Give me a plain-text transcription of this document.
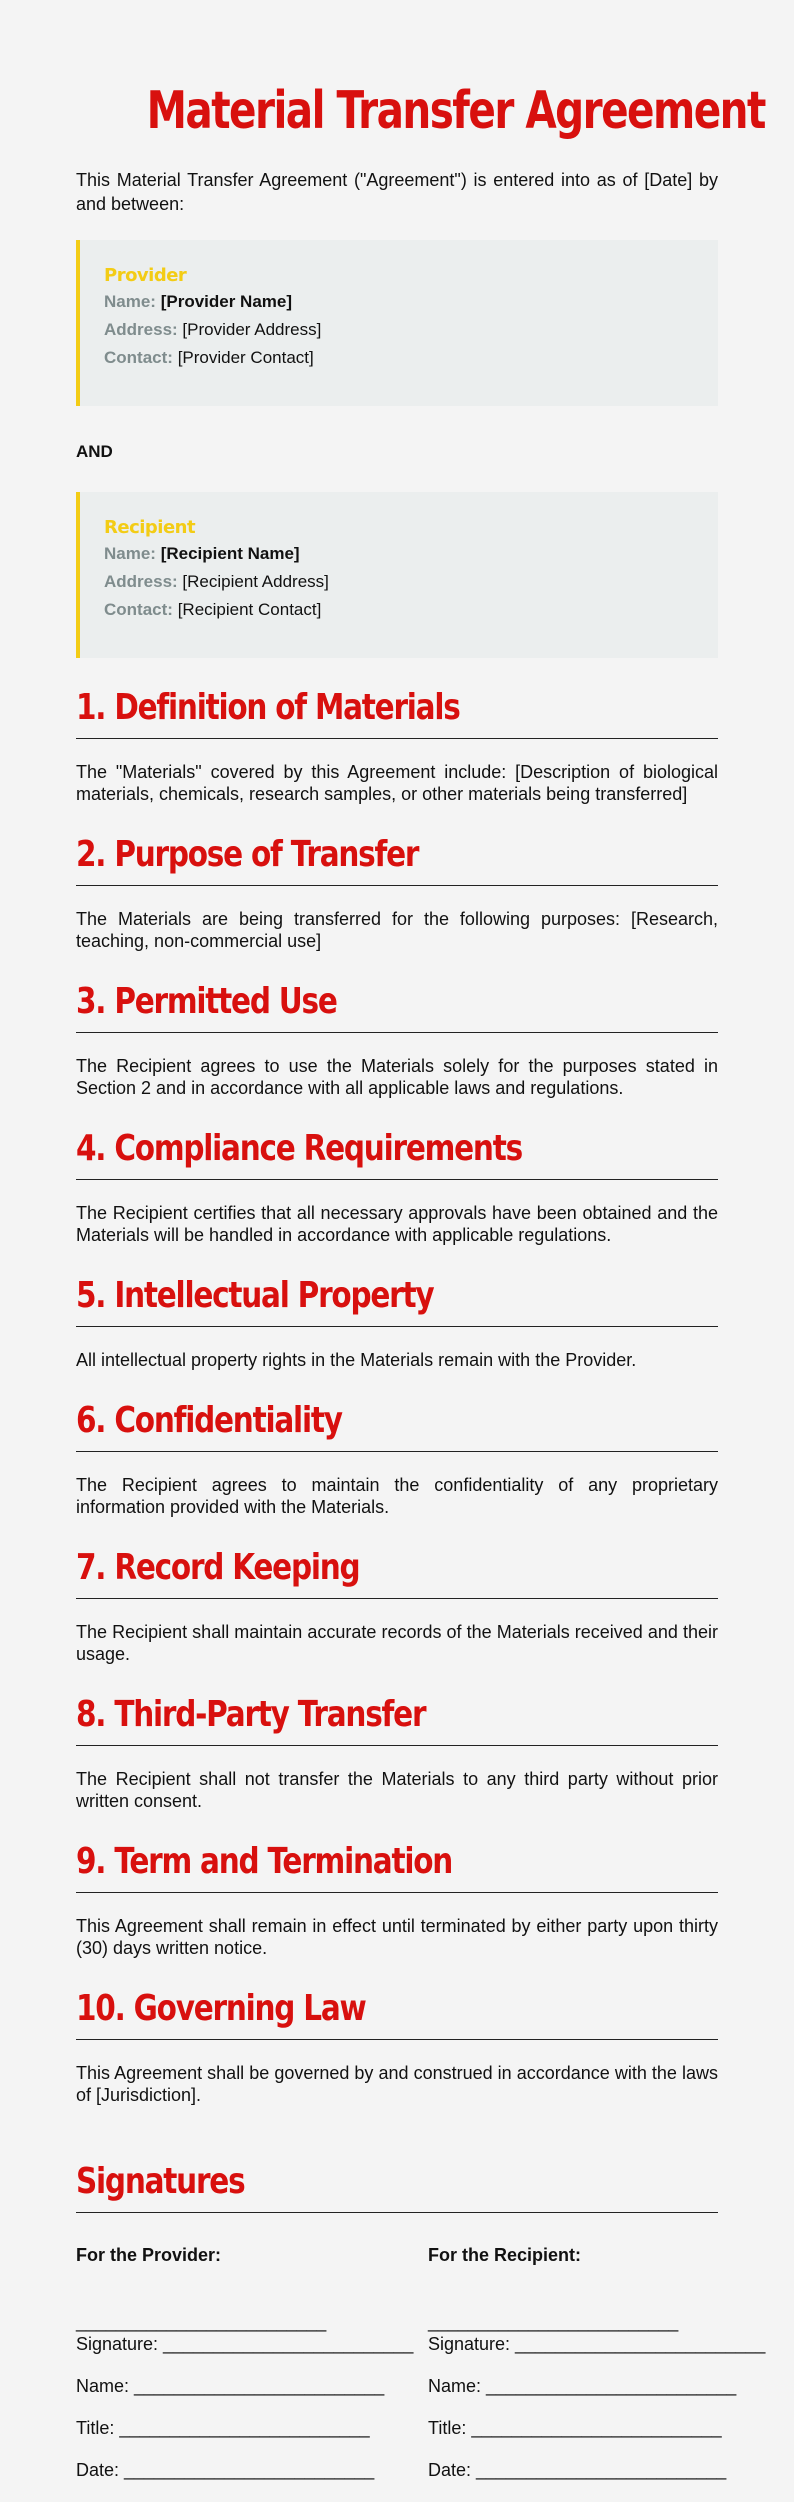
Material Transfer Agreement

This Material Transfer Agreement ("Agreement") is entered into as of [Date] by and between:

Provider
Name: [Provider Name]
Address: [Provider Address]
Contact: [Provider Contact]
AND
Recipient
Name: [Recipient Name]
Address: [Recipient Address]
Contact: [Recipient Contact]
1. Definition of Materials

The "Materials" covered by this Agreement include: [Description of biological materials, chemicals, research samples, or other materials being transferred]

2. Purpose of Transfer

The Materials are being transferred for the following purposes: [Research, teaching, non-commercial use]

3. Permitted Use

The Recipient agrees to use the Materials solely for the purposes stated in Section 2 and in accordance with all applicable laws and regulations.

4. Compliance Requirements

The Recipient certifies that all necessary approvals have been obtained and the Materials will be handled in accordance with applicable regulations.

5. Intellectual Property

All intellectual property rights in the Materials remain with the Provider.

6. Confidentiality

The Recipient agrees to maintain the confidentiality of any proprietary information provided with the Materials.

7. Record Keeping

The Recipient shall maintain accurate records of the Materials received and their usage.

8. Third-Party Transfer

The Recipient shall not transfer the Materials to any third party without prior written consent.

9. Term and Termination

This Agreement shall remain in effect until terminated by either party upon thirty (30) days written notice.

10. Governing Law

This Agreement shall be governed by and construed in accordance with the laws of [Jurisdiction].

Signatures
For the Provider:
_________________________
Signature: _________________________
Name: _________________________
Title: _________________________
Date: _________________________
For the Recipient:
_________________________
Signature: _________________________
Name: _________________________
Title: _________________________
Date: _________________________
